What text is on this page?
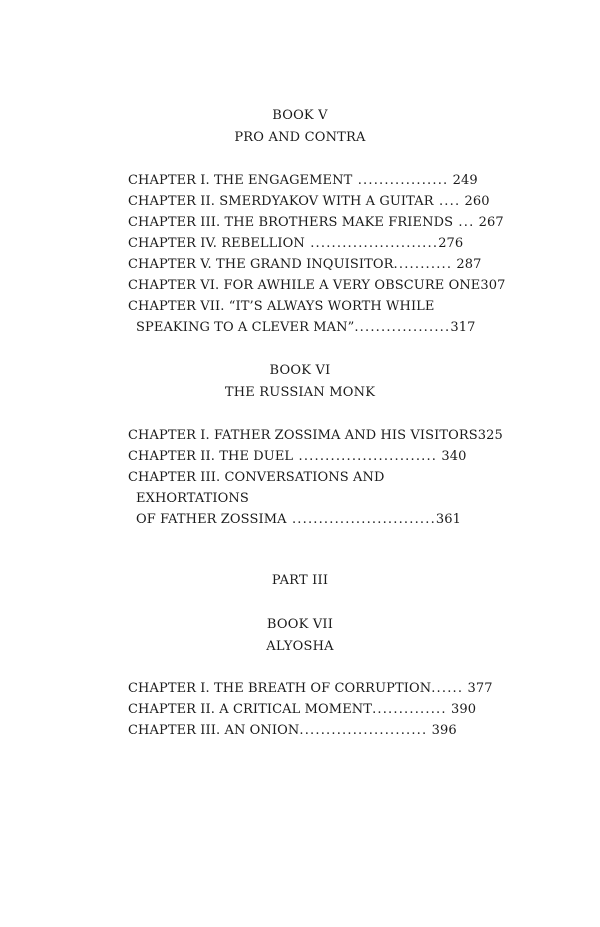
BOOK V
PRO AND CONTRA
CHAPTER I. THE ENGAGEMENT ................. 249
CHAPTER II. SMERDYAKOV WITH A GUITAR .... 260
CHAPTER III. THE BROTHERS MAKE FRIENDS ... 267
CHAPTER IV. REBELLION ........................276
CHAPTER V. THE GRAND INQUISITOR........... 287
CHAPTER VI. FOR AWHILE A VERY OBSCURE ONE307
CHAPTER VII. “IT’S ALWAYS WORTH WHILE
SPEAKING TO A CLEVER MAN”..................317
BOOK VI
THE RUSSIAN MONK
CHAPTER I. FATHER ZOSSIMA AND HIS VISITORS325
CHAPTER II. THE DUEL .......................... 340
CHAPTER III. CONVERSATIONS AND
EXHORTATIONS
OF FATHER ZOSSIMA ...........................361
PART III
BOOK VII
ALYOSHA
CHAPTER I. THE BREATH OF CORRUPTION...... 377
CHAPTER II. A CRITICAL MOMENT.............. 390
CHAPTER III. AN ONION........................ 396
